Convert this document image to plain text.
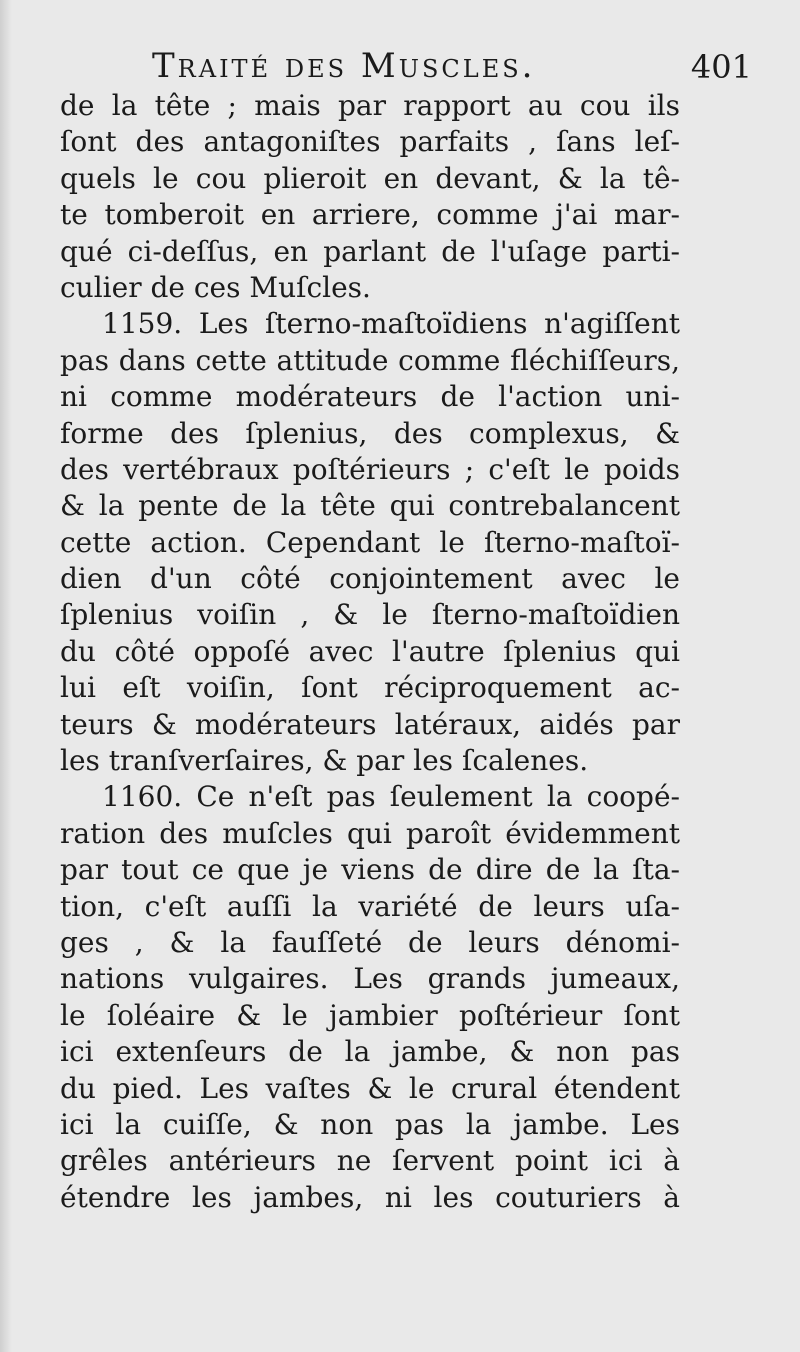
Traité des Muscles.	401
de la tête ; mais par rapport au cou ils
ſont des antagoniſtes parfaits , ſans leſ-
quels le cou plieroit en devant, & la tê-
te tomberoit en arriere, comme j'ai mar-
qué ci-deſſus, en parlant de l'uſage parti-
culier de ces Muſcles.
1159. Les ſterno-maſtoïdiens n'agiſſent
pas dans cette attitude comme fléchiſſeurs,
ni comme modérateurs de l'action uni-
forme des ſplenius, des complexus, &
des vertébraux poſtérieurs ; c'eſt le poids
& la pente de la tête qui contrebalancent
cette action. Cependant le ſterno-maſtoï-
dien d'un côté conjointement avec le
ſplenius voiſin , & le ſterno-maſtoïdien
du côté oppoſé avec l'autre ſplenius qui
lui eſt voiſin, ſont réciproquement ac-
teurs & modérateurs latéraux, aidés par
les tranſverſaires, & par les ſcalenes.
1160. Ce n'eſt pas ſeulement la coopé-
ration des muſcles qui paroît évidemment
par tout ce que je viens de dire de la ſta-
tion, c'eſt auſſi la variété de leurs uſa-
ges , & la fauſſeté de leurs dénomi-
nations vulgaires. Les grands jumeaux,
le ſoléaire & le jambier poſtérieur ſont
ici extenſeurs de la jambe, & non pas
du pied. Les vaſtes & le crural étendent
ici la cuiſſe, & non pas la jambe. Les
grêles antérieurs ne ſervent point ici à
étendre les jambes, ni les couturiers à
